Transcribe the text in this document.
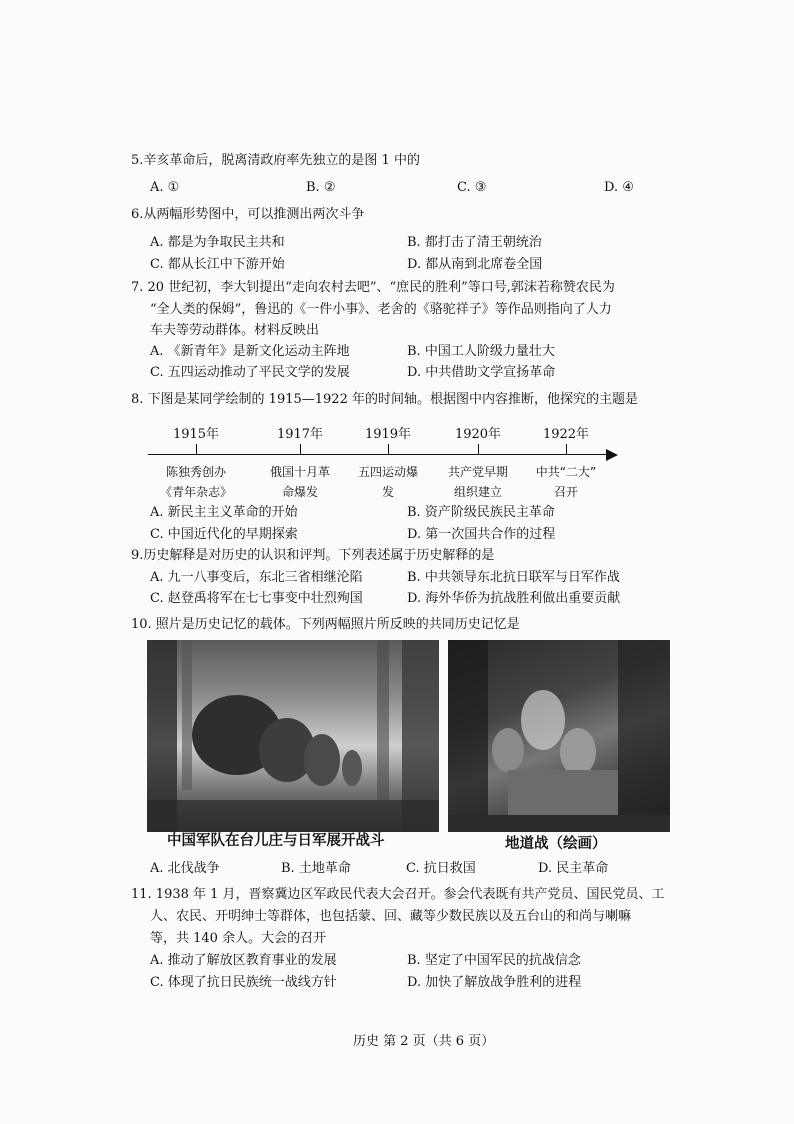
5.辛亥革命后，脱离清政府率先独立的是图 1 中的
A. ①	B. ②	C. ③	D. ④
6.从两幅形势图中，可以推测出两次斗争
A. 都是为争取民主共和	B. 都打击了清王朝统治
C. 都从长江中下游开始	D. 都从南到北席卷全国
7. 20 世纪初，李大钊提出“走向农村去吧”、“庶民的胜利”等口号,郭沫若称赞农民为
“全人类的保姆”，鲁迅的《一件小事》、老舍的《骆驼祥子》等作品则指向了人力
车夫等劳动群体。材料反映出
A. 《新青年》是新文化运动主阵地	B. 中国工人阶级力量壮大
C. 五四运动推动了平民文学的发展	D. 中共借助文学宣扬革命
8. 下图是某同学绘制的 1915—1922 年的时间轴。根据图中内容推断，他探究的主题是
1915年
陈独秀创办
《青年杂志》
1917年
俄国十月革
命爆发
1919年
五四运动爆
发
1920年
共产党早期
组织建立
1922年
中共“二大”
召开
A. 新民主主义革命的开始	B. 资产阶级民族民主革命
C. 中国近代化的早期探索	D. 第一次国共合作的过程
9.历史解释是对历史的认识和评判。下列表述属于历史解释的是
A. 九一八事变后，东北三省相继沦陷	B. 中共领导东北抗日联军与日军作战
C. 赵登禹将军在七七事变中壮烈殉国	D. 海外华侨为抗战胜利做出重要贡献
10. 照片是历史记忆的载体。下列两幅照片所反映的共同历史记忆是
中国军队在台儿庄与日军展开战斗	地道战（绘画）
A. 北伐战争	B. 土地革命	C. 抗日救国	D. 民主革命
11. 1938 年 1 月，晋察冀边区军政民代表大会召开。参会代表既有共产党员、国民党员、工
人、农民、开明绅士等群体，也包括蒙、回、藏等少数民族以及五台山的和尚与喇嘛
等，共 140 余人。大会的召开
A. 推动了解放区教育事业的发展	B. 坚定了中国军民的抗战信念
C. 体现了抗日民族统一战线方针	D. 加快了解放战争胜利的进程
历史 第 2 页（共 6 页）
